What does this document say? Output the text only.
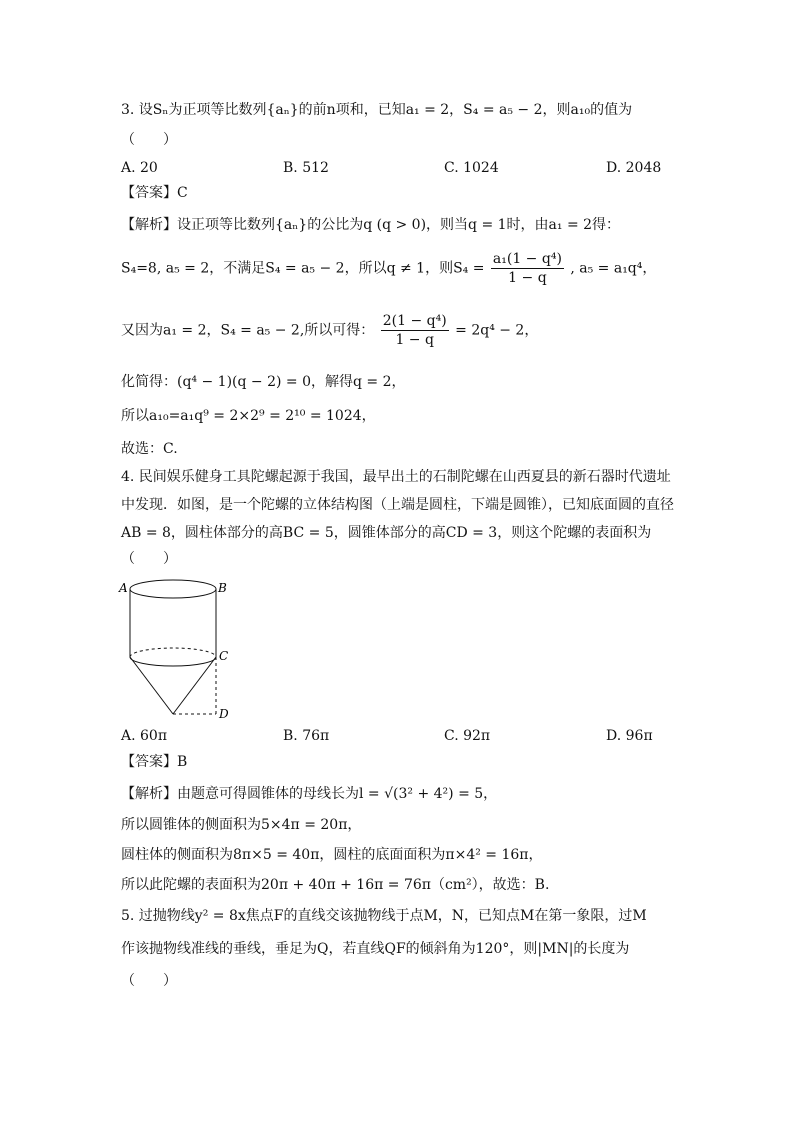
3. 设Sₙ为正项等比数列{aₙ}的前n项和，已知a₁ = 2，S₄ = a₅ − 2，则a₁₀的值为
（　　）
A. 20	B. 512	C. 1024	D. 2048
【答案】C
【解析】设正项等比数列{aₙ}的公比为q (q > 0)，则当q = 1时，由a₁ = 2得：
S₄=8, a₅ = 2，不满足S₄ = a₅ − 2，所以q ≠ 1，则$S_4 = \frac{\text{a₁(1 − q⁴)}}{1 - q}$ , a₅ = a₁q⁴，
又因为a₁ = 2，S₄ = a₅ − 2,所以可得： $\frac{\text{2(1 − q⁴)}}{1 - q} = 2q^4 - 2$，
化简得：(q⁴ − 1)(q − 2) = 0，解得q = 2，
所以a₁₀=a₁q⁹ = 2×2⁹ = 2¹⁰ = 1024，
故选：C.
4. 民间娱乐健身工具陀螺起源于我国，最早出土的石制陀螺在山西夏县的新石器时代遗址
中发现．如图，是一个陀螺的立体结构图（上端是圆柱，下端是圆锥），已知底面圆的直径
AB = 8，圆柱体部分的高BC = 5，圆锥体部分的高CD = 3，则这个陀螺的表面积为
（　　）
A	B
C
D
A. 60π	B. 76π	C. 92π	D. 96π
【答案】B
【解析】由题意可得圆锥体的母线长为l = √(3² + 4²) = 5，
所以圆锥体的侧面积为5×4π = 20π，
圆柱体的侧面积为8π×5 = 40π，圆柱的底面面积为π×4² = 16π，
所以此陀螺的表面积为20π + 40π + 16π = 76π（cm²），故选：B.
5. 过抛物线y² = 8x焦点F的直线交该抛物线于点M，N，已知点M在第一象限，过M
作该抛物线准线的垂线，垂足为Q，若直线QF的倾斜角为120°，则|MN|的长度为
（　　）
